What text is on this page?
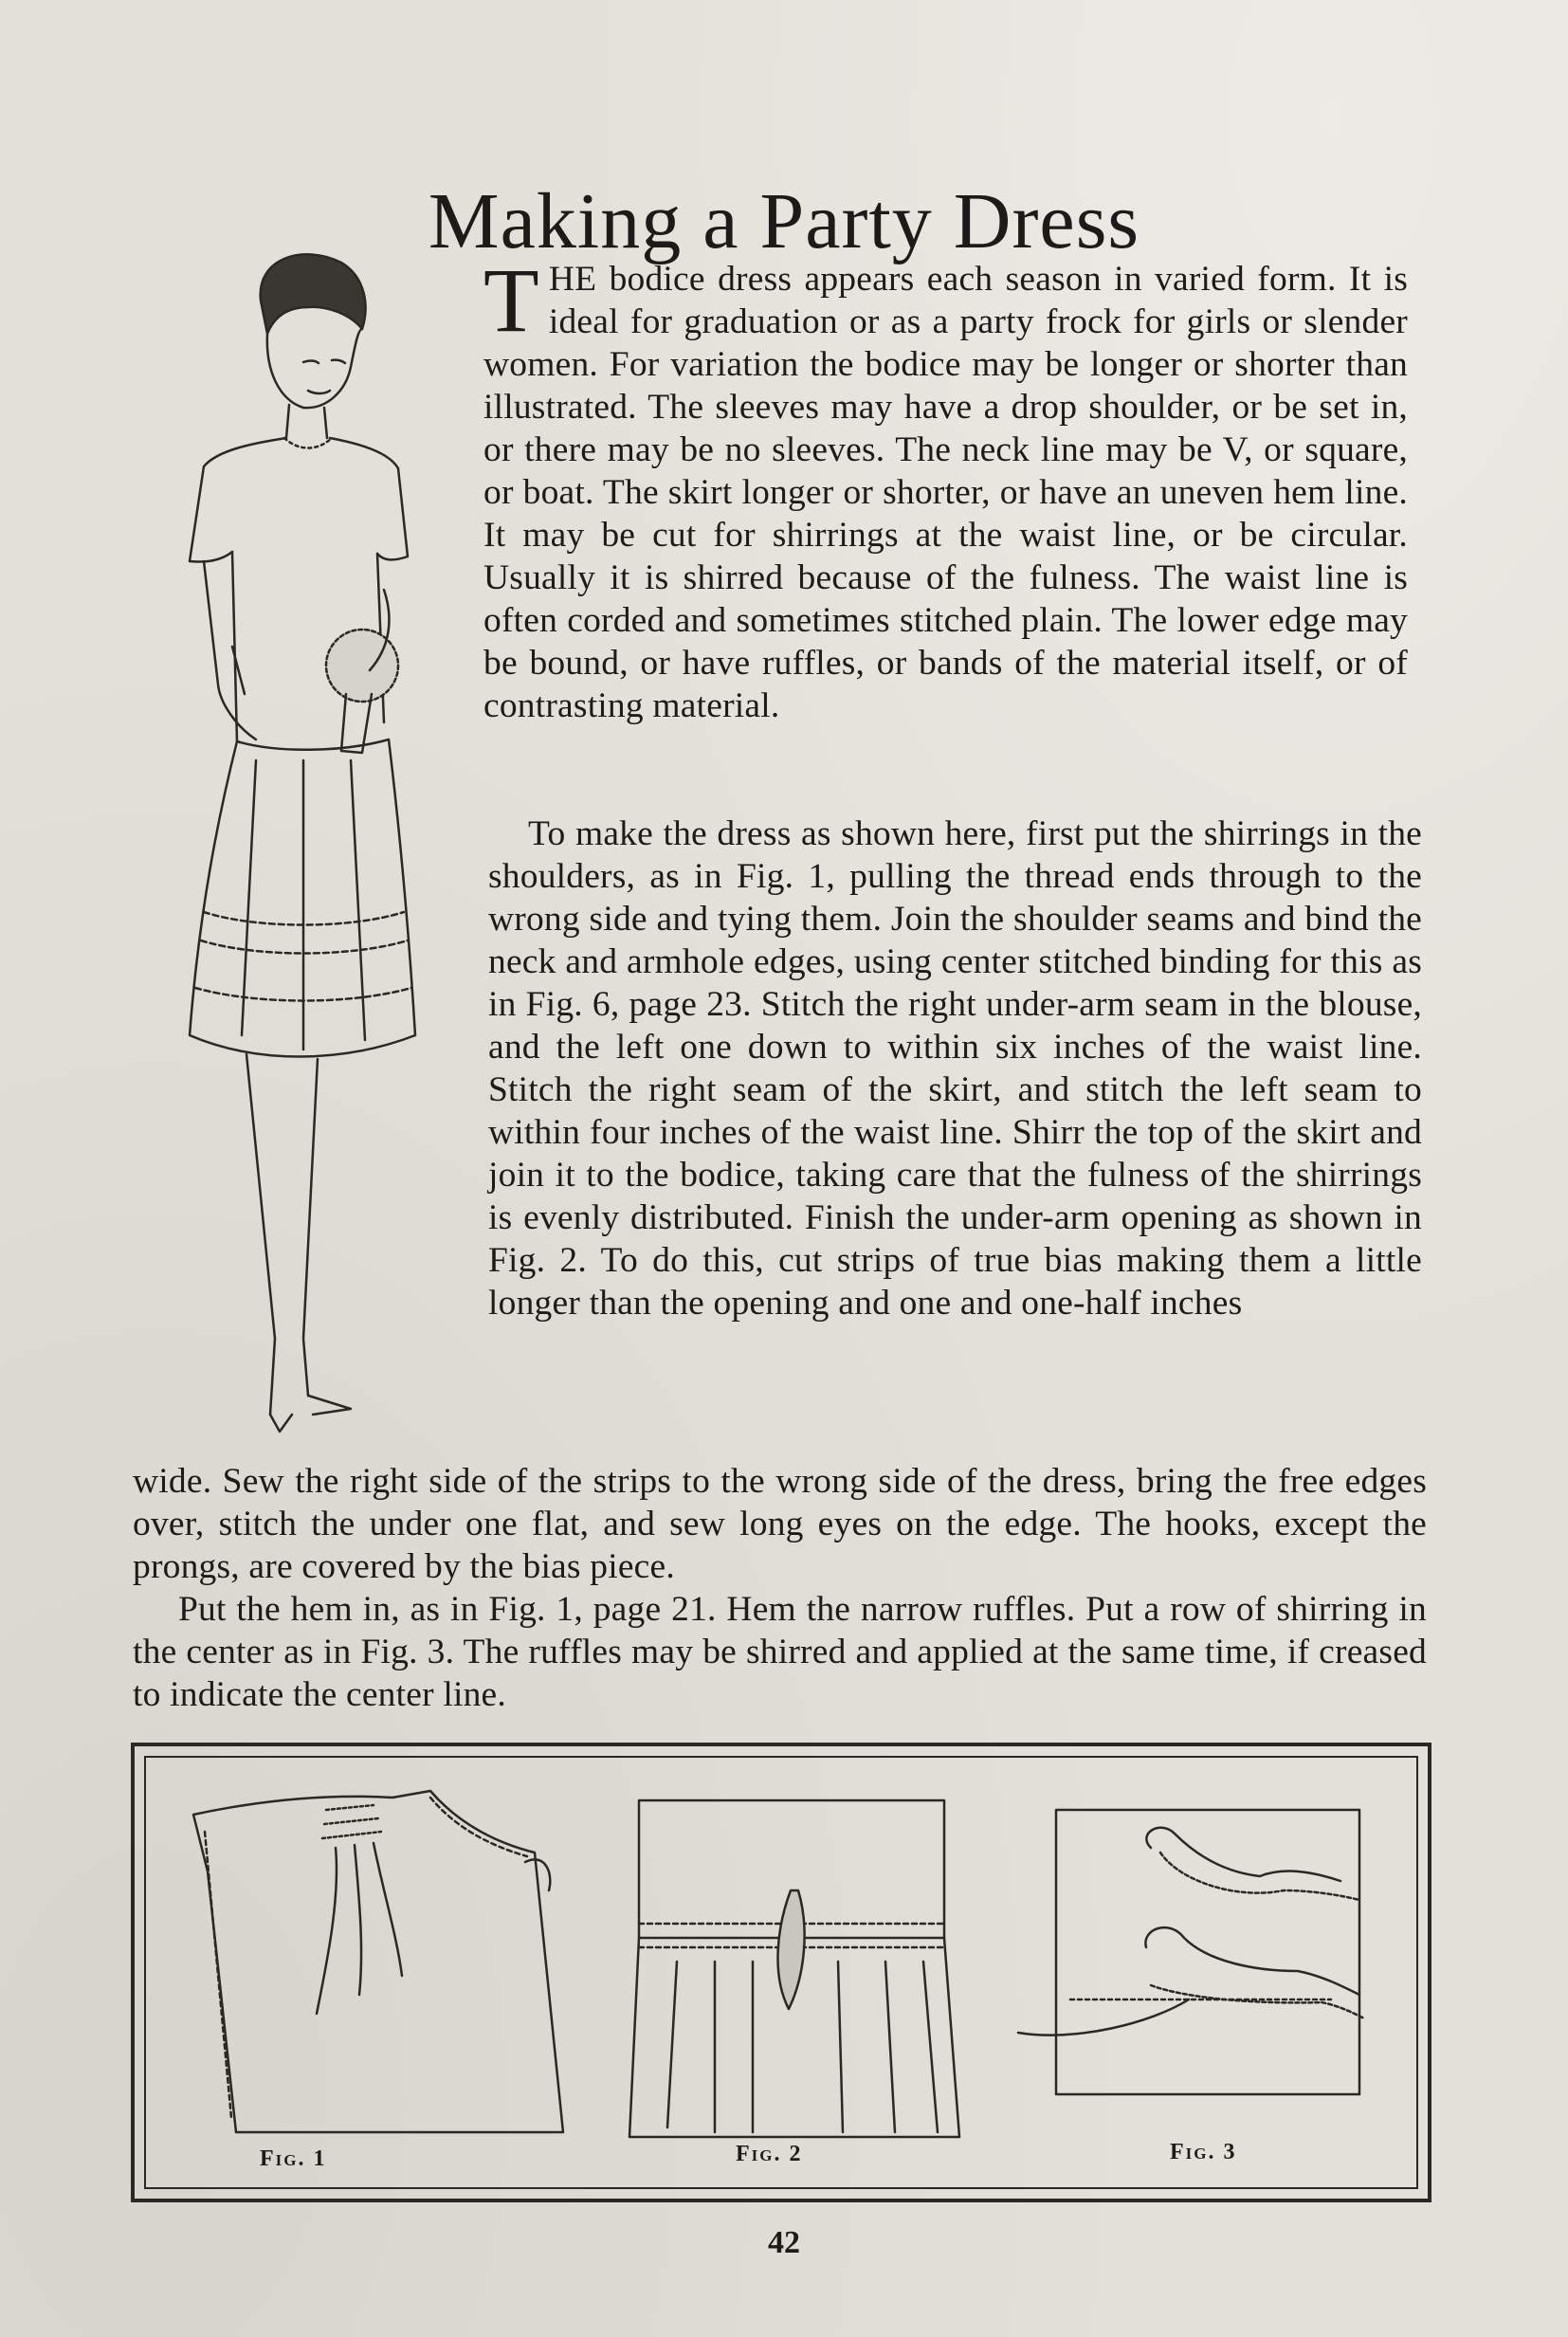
Making a Party Dress

THE bodice dress appears each season in varied form. It is ideal for graduation or as a party frock for girls or slender women. For variation the bodice may be longer or shorter than illustrated. The sleeves may have a drop shoulder, or be set in, or there may be no sleeves. The neck line may be V, or square, or boat. The skirt longer or shorter, or have an uneven hem line. It may be cut for shirrings at the waist line, or be circular. Usually it is shirred because of the fulness. The waist line is often corded and sometimes stitched plain. The lower edge may be bound, or have ruffles, or bands of the material itself, or of contrasting material.

To make the dress as shown here, first put the shirrings in the shoulders, as in Fig. 1, pulling the thread ends through to the wrong side and tying them. Join the shoulder seams and bind the neck and armhole edges, using center stitched binding for this as in Fig. 6, page 23. Stitch the right under-arm seam in the blouse, and the left one down to within six inches of the waist line. Stitch the right seam of the skirt, and stitch the left seam to within four inches of the waist line. Shirr the top of the skirt and join it to the bodice, taking care that the fulness of the shirrings is evenly distributed. Finish the under-arm opening as shown in Fig. 2. To do this, cut strips of true bias making them a little longer than the opening and one and one-half inches

wide. Sew the right side of the strips to the wrong side of the dress, bring the free edges over, stitch the under one flat, and sew long eyes on the edge. The hooks, except the prongs, are covered by the bias piece.

Put the hem in, as in Fig. 1, page 21. Hem the narrow ruffles. Put a row of shirring in the center as in Fig. 3. The ruffles may be shirred and applied at the same time, if creased to indicate the center line.

Fig. 1	Fig. 2	Fig. 3
42
